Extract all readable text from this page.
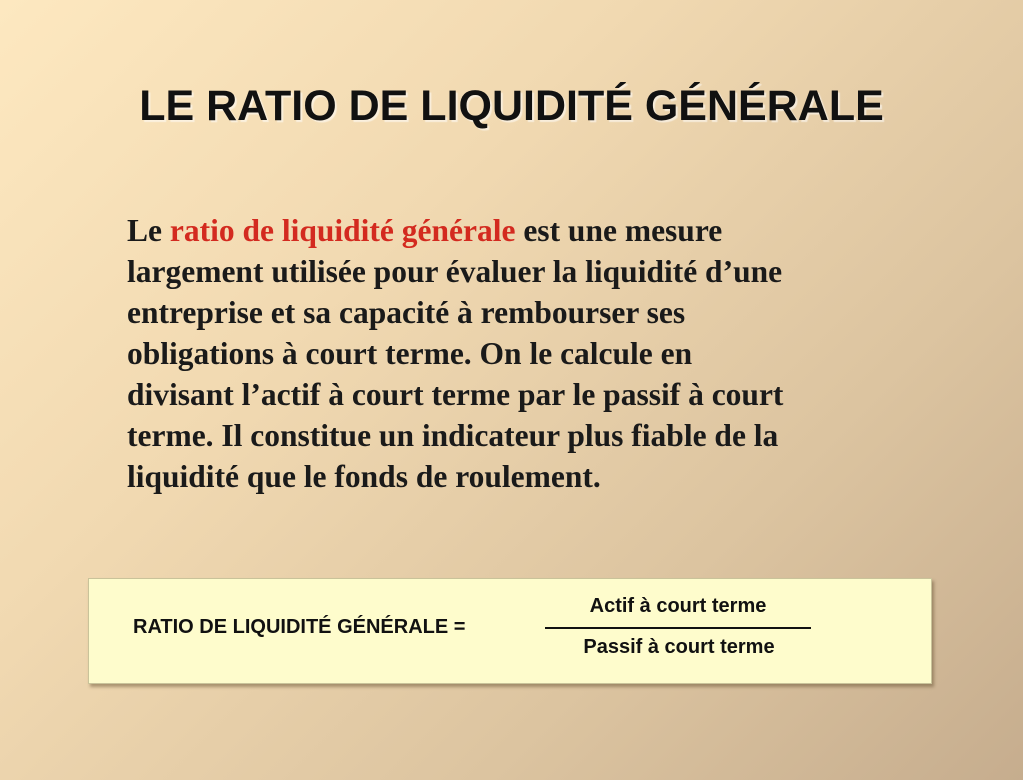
LE RATIO DE LIQUIDITÉ GÉNÉRALE
Le ratio de liquidité générale est une mesure
largement utilisée pour évaluer la liquidité d’une
entreprise et sa capacité à rembourser ses
obligations à court terme. On le calcule en
divisant l’actif à court terme par le passif à court
terme. Il constitue un indicateur plus fiable de la
liquidité que le fonds de roulement.
RATIO DE LIQUIDITÉ GÉNÉRALE =
Actif à court terme
Passif à court terme
